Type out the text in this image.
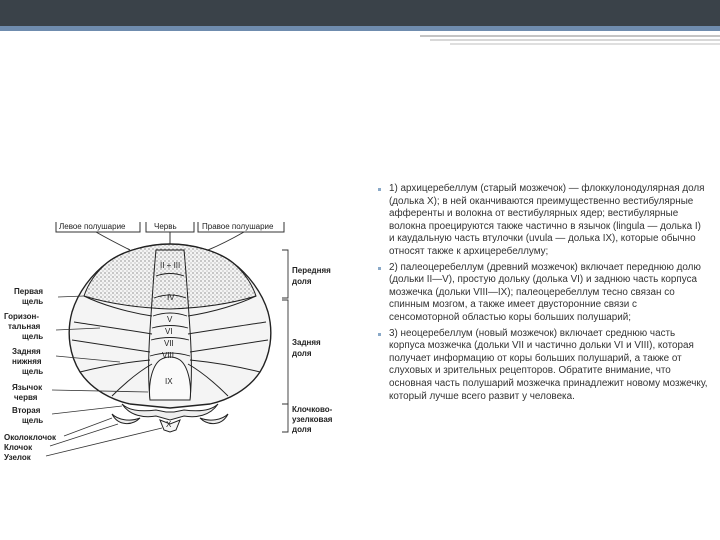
Левое полушарие	Червь	Правое полушарие
II + III
IV
V
VI
VII
VIII
IX
X
Первая
щель
Горизон-
тальная
щель
Задняя
нижняя
щель
Язычок
червя
Вторая
щель
Околоклочок
Клочок
Узелок
Передняя
доля
Задняя
доля
Клочково-
узелковая
доля
1) архицеребеллум (старый мозжечок) — флоккулонодулярная доля (долька X); в ней оканчиваются преимущественно вестибулярные афференты и волокна от вестибулярных ядер; вестибулярные волокна проецируются также частично в язычок (lingula — долька I) и каудальную часть втулочки (uvula — долька IX), которые обычно относят также к архицеребеллуму;
2) палеоцеребеллум (древний мозжечок) включает переднюю долю (дольки II—V), простую дольку (долька VI) и заднюю часть корпуса мозжечка (дольки VIII—IX); палеоцеребеллум тесно связан со спинным мозгом, а также имеет двусторонние связи с сенсомоторной областью коры больших полушарий;
3) неоцеребеллум (новый мозжечок) включает среднюю часть корпуса мозжечка (дольки VII и частично дольки VI и VIII), которая получает информацию от коры больших полушарий, а также от слуховых и зрительных рецепторов. Обратите внимание, что основная часть полушарий мозжечка принадлежит новому мозжечку, который лучше всего развит у человека.
